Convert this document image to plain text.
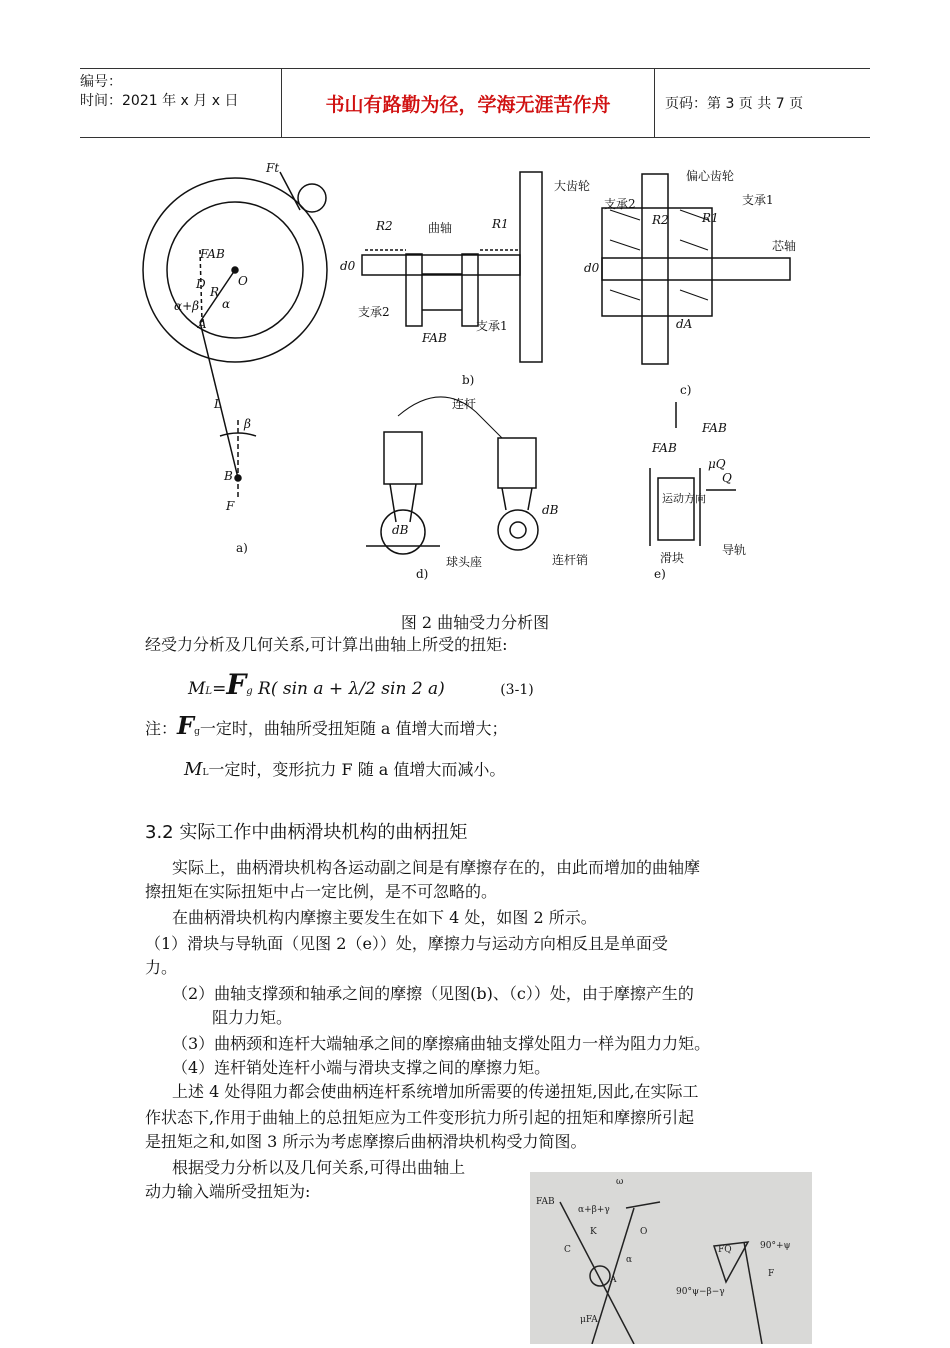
编号：
时间：2021 年 x 月 x 日	书山有路勤为径，学海无涯苦作舟	页码：第 3 页 共 7 页
Ft
FAB
O
D
R
α
α+β
A
L
β
B
F
a)
大齿轮
曲轴
R2	R1
d0
支承2
支承1
FAB
b)
偏心齿轮
支承2	支承1
R2	R1
芯轴
d0
dA
c)
连杆
dB
dB
球头座	连杆销
d)
FAB
FAB
μQ
Q
运动方向
滑块
导轨
e)
图 2 曲轴受力分析图
经受力分析及几何关系,可计算出曲轴上所受的扭矩:
ML=Fg R( sin a + λ/2 sin 2 a)	(3-1)
注：Fg一定时，曲轴所受扭矩随 a 值增大而增大；
ML一定时，变形抗力 F 随 a 值增大而减小。
3.2 实际工作中曲柄滑块机构的曲柄扭矩
实际上，曲柄滑块机构各运动副之间是有摩擦存在的，由此而增加的曲轴摩
擦扭矩在实际扭矩中占一定比例，是不可忽略的。
在曲柄滑块机构内摩擦主要发生在如下 4 处，如图 2 所示。
（1）滑块与导轨面（见图 2（e））处，摩擦力与运动方向相反且是单面受
力。
（2）曲轴支撑颈和轴承之间的摩擦（见图(b)、（c））处，由于摩擦产生的
阻力力矩。
（3）曲柄颈和连杆大端轴承之间的摩擦痛曲轴支撑处阻力一样为阻力力矩。
（4）连杆销处连杆小端与滑块支撑之间的摩擦力矩。
上述 4 处得阻力都会使曲柄连杆系统增加所需要的传递扭矩,因此,在实际工
作状态下,作用于曲轴上的总扭矩应为工件变形抗力所引起的扭矩和摩擦所引起
是扭矩之和,如图 3 所示为考虑摩擦后曲柄滑块机构受力简图。
根据受力分析以及几何关系,可得出曲轴上
动力输入端所受扭矩为:
FAB
ω
α+β+γ
K	O
C
α
A
μFA
FQ	90°+ψ
F
90°ψ−β−γ
